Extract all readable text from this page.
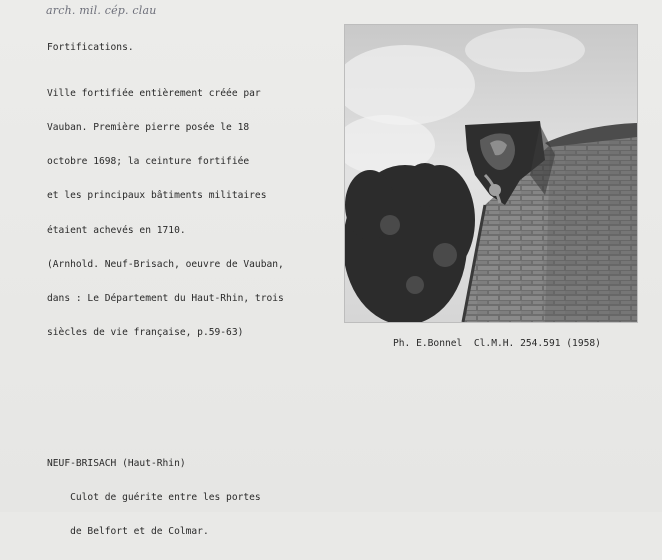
arch. mil. cép. clau
Fortifications.

Ville fortifiée entièrement créée par

Vauban. Première pierre posée le 18

octobre 1698; la ceinture fortifiée

et les principaux bâtiments militaires

étaient achevés en 1710.

(Arnhold. Neuf-Brisach, oeuvre de Vauban,

dans : Le Département du Haut-Rhin, trois

siècles de vie française, p.59-63)

Ph. E.Bonnel  Cl.M.H. 254.591 (1958)

NEUF-BRISACH (Haut-Rhin)

Culot de guérite entre les portes

de Belfort et de Colmar.
